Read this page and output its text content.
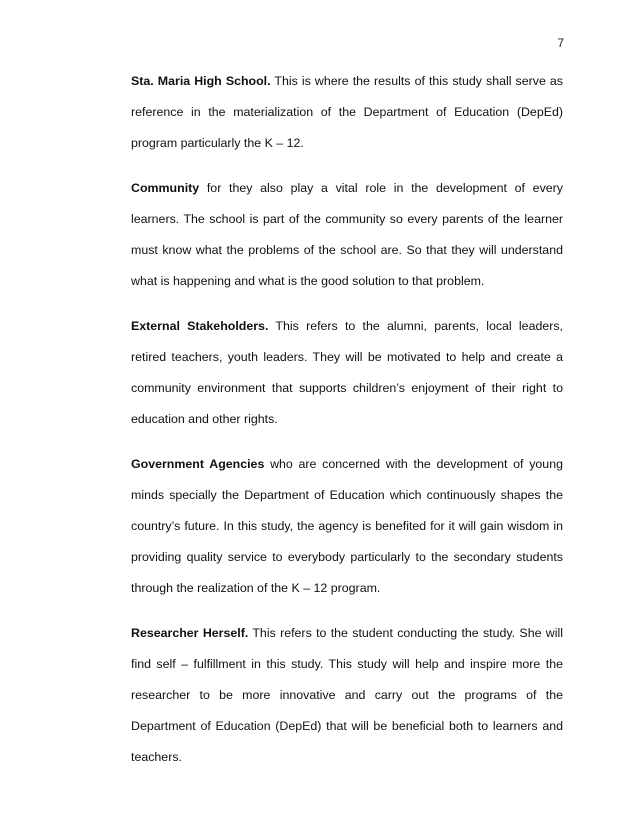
7

Sta. Maria High School. This is where the results of this study shall serve as reference in the materialization of the Department of Education (DepEd) program particularly the K – 12.

Community for they also play a vital role in the development of every learners. The school is part of the community so every parents of the learner must know what the problems of the school are. So that they will understand what is happening and what is the good solution to that problem.

External Stakeholders. This refers to the alumni, parents, local leaders, retired teachers, youth leaders. They will be motivated to help and create a community environment that supports children’s enjoyment of their right to education and other rights.

Government Agencies who are concerned with the development of young minds specially the Department of Education which continuously shapes the country’s future. In this study, the agency is benefited for it will gain wisdom in providing quality service to everybody particularly to the secondary students through the realization of the K – 12 program.

Researcher Herself. This refers to the student conducting the study. She will find self – fulfillment in this study. This study will help and inspire more the researcher to be more innovative and carry out the programs of the Department of Education (DepEd) that will be beneficial both to learners and teachers.
